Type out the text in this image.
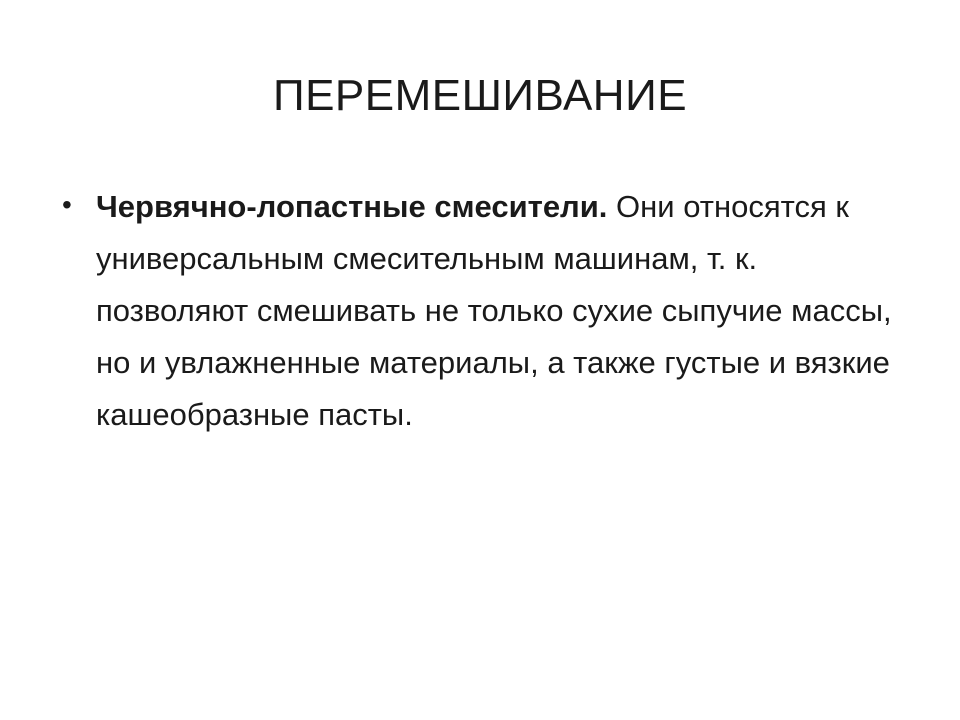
ПЕРЕМЕШИВАНИЕ
• Червячно-лопастные смесители. Они относятся к универсальным смесительным машинам, т. к. позволяют смешивать не только сухие сыпучие массы, но и увлажненные материалы, а также густые и вязкие кашеобразные пасты.
